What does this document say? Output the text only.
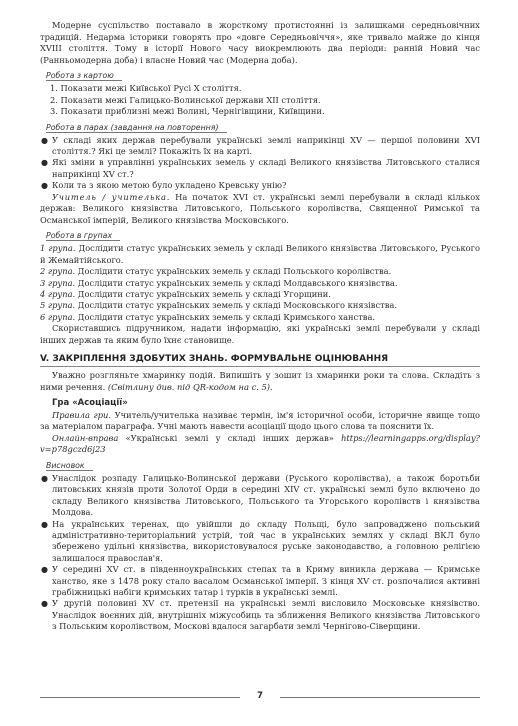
Модерне суспільство поставало в жорсткому протистоянні із залишками середньовічних традицій. Недарма історики говорять про «довге Середньовіччя», яке тривало майже до кінця XVIII століття. Тому в історії Нового часу виокремлюють два періоди: ранній Новий час (Ранньомодерна доба) і власне Новий час (Модерна доба).

Робота з картою
1. Показати межі Київської Русі X століття.
2. Показати межі Галицько-Волинської держави XII століття.
3. Показати приблизні межі Волині, Чернігівщини, Київщини.
Робота в парах (завдання на повторення)
● У складі яких держав перебували українські землі наприкінці XV — першої половини XVI століття.? Які це землі? Покажіть їх на карті.
● Які зміни в управлінні українських земель у складі Великого князівства Литовського сталися наприкінці XV ст.?
● Коли та з якою метою було укладено Кревську унію?

Учитель / учителька. На початок XVI ст. українські землі перебували в складі кількох держав: Великого князівства Литовського, Польського королівства, Священної Римської та Османської імперій, Великого князівства Московського.

Робота в групах

1 група. Дослідити статус українських земель у складі Великого князівства Литовського, Руського й Жемайтійського.

2 група. Дослідити статус українських земель у складі Польського королівства.

3 група. Дослідити статус українських земель у складі Молдавського князівства.

4 група. Дослідити статус українських земель у складі Угорщини.

5 група. Дослідити статус українських земель у складі Московського князівства.

6 група. Дослідити статус українських земель у складі Кримського ханства.

Скориставшись підручником, надати інформацію, які українські землі перебували у складі інших держав та яким було їхнє становище.

V. ЗАКРІПЛЕННЯ ЗДОБУТИХ ЗНАНЬ. ФОРМУВАЛЬНЕ ОЦІНЮВАННЯ

Уважно розгляньте хмаринку подій. Випишіть у зошит із хмаринки роки та слова. Складіть з ними речення. (Світлину див. під QR-кодом на с. 5).

Гра «Асоціації»

Правила гри. Учитель/учителька називає термін, ім'я історичної особи, історичне явище тощо за матеріалом параграфа. Учні мають навести асоціації щодо цього слова та пояснити їх.

Онлайн-вправа «Українські землі у складі інших держав» https://learningapps.org/display?v=p78gczd6j23

Висновок
● Унаслідок розпаду Галицько-Волинської держави (Руського королівства), а також боротьби литовських князів проти Золотої Орди в середині XIV ст. українські землі було включено до складу Великого князівства Литовського, Польського та Угорського королівств і князівства Молдова.
● На українських теренах, що увійшли до складу Польщі, було запроваджено польський адміністративно-територіальний устрій, той час в українських землях у складі ВКЛ було збережено удільні князівства, використовувалося руське законодавство, а головною релігією залишалося православ'я.
● У середині XV ст. в південноукраїнських степах та в Криму виникла держава — Кримське ханство, яке з 1478 року стало васалом Османської імперії. З кінця XV ст. розпочалися активні грабіжницькі набіги кримських татар і турків в українські землі.
● У другій половині XV ст. претензії на українські землі висловило Московське князівство. Унаслідок воєнних дій, внутрішніх міжусобиць та зближення Великого князівства Литовського з Польським королівством, Москові вдалося загарбати землі Чернігово-Сіверщини.
7
